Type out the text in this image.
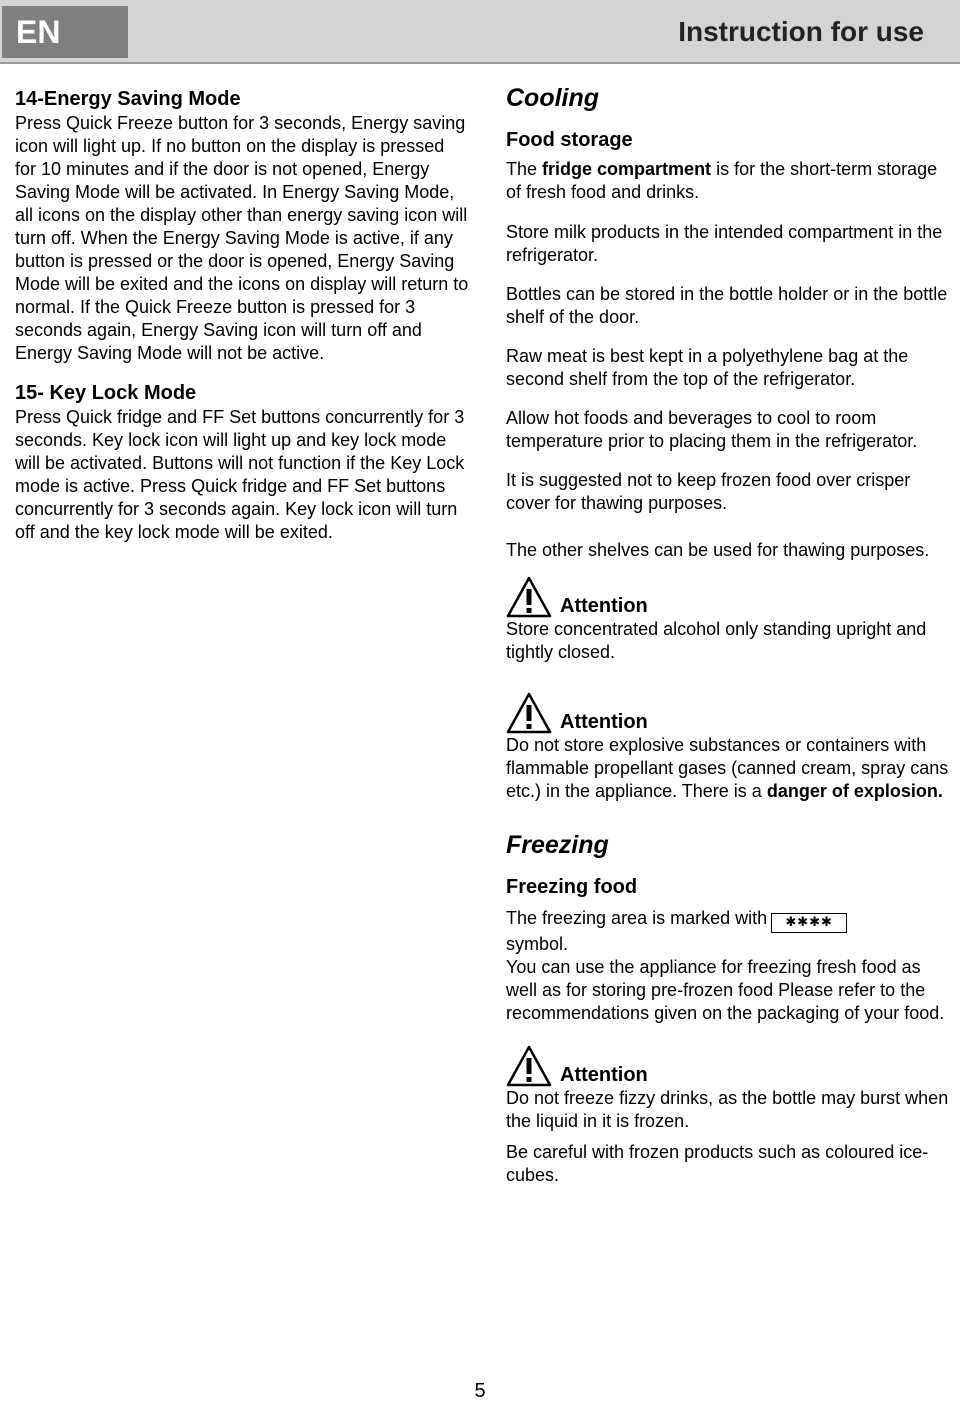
EN	Instruction for use
14-Energy Saving Mode

Press Quick Freeze button for 3 seconds, Energy saving icon will light up. If no button on the display is pressed for 10 minutes and if the door is not opened, Energy Saving Mode will be activated. In Energy Saving Mode, all icons on the display other than energy saving icon will turn off. When the Energy Saving Mode is active, if any button is pressed or the door is opened, Energy Saving Mode will be exited and the icons on display will return to normal. If the Quick Freeze button is pressed for 3 seconds again, Energy Saving icon will turn off and Energy Saving Mode will not be active.

15- Key Lock Mode

Press Quick fridge and FF Set buttons concurrently for 3 seconds. Key lock icon will light up and key lock mode will be activated. Buttons will not function if the Key Lock mode is active. Press Quick fridge and FF Set buttons concurrently for 3 seconds again. Key lock icon will turn off and the key lock mode will be exited.

Cooling
Food storage

The fridge compartment is for the short-term storage of fresh food and drinks.

Store milk products in the intended compartment in the refrigerator.

Bottles can be stored in the bottle holder or in the bottle shelf of the door.

Raw meat is best kept in a polyethylene bag at the second shelf from the top of the refrigerator.

Allow hot foods and beverages to cool to room temperature prior to placing them in the refrigerator.

It is suggested not to keep frozen food over crisper cover for thawing purposes.

The other shelves can be used for thawing purposes.

Attention

Store concentrated alcohol only standing upright and tightly closed.

Attention

Do not store explosive substances or containers with flammable propellant gases (canned cream, spray cans etc.) in the appliance. There is a danger of explosion.

Freezing
Freezing food

The freezing area is marked with ✱✱✱✱
symbol.

You can use the appliance for freezing fresh food as well as for storing pre-frozen food Please refer to the recommendations given on the packaging of your food.

Attention

Do not freeze fizzy drinks, as the bottle may burst when the liquid in it is frozen.

Be careful with frozen products such as coloured ice-cubes.

5
